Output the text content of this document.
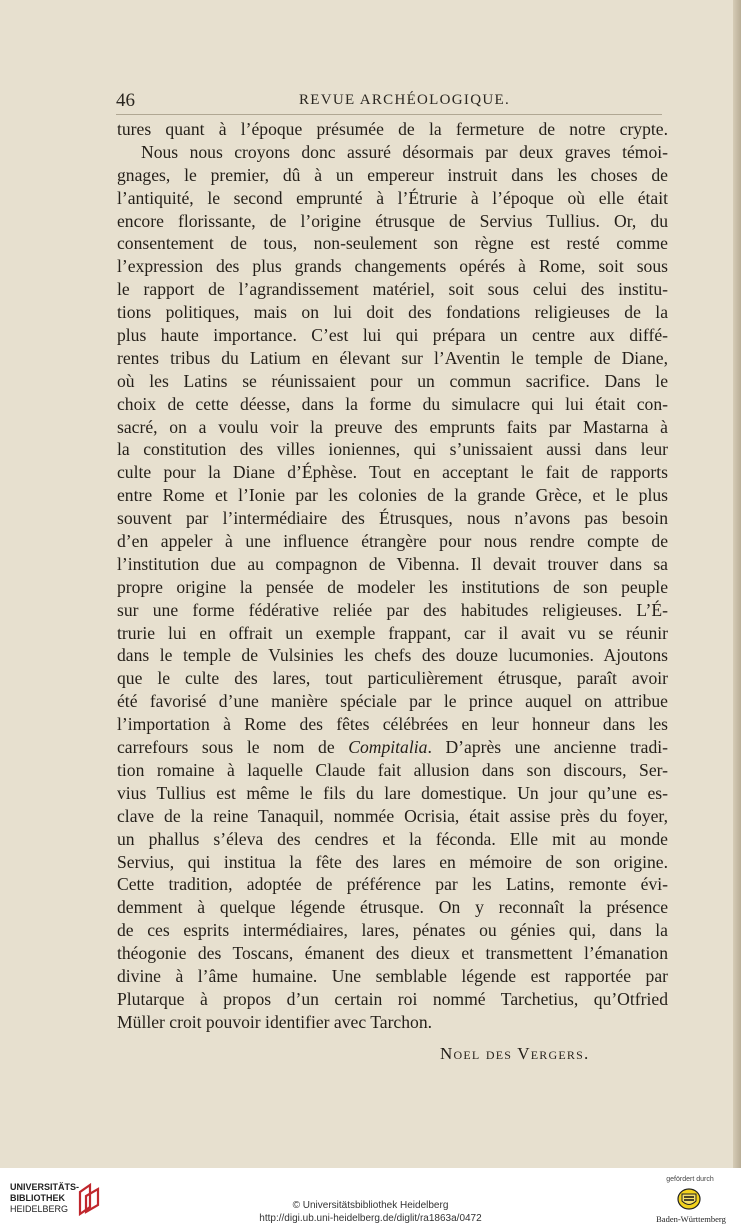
46	REVUE ARCHÉOLOGIQUE.
tures quant à l’époque présumée de la fermeture de notre crypte.
Nous nous croyons donc assuré désormais par deux graves témoi-
gnages, le premier, dû à un empereur instruit dans les choses de
l’antiquité, le second emprunté à l’Étrurie à l’époque où elle était
encore florissante, de l’origine étrusque de Servius Tullius. Or, du
consentement de tous, non-seulement son règne est resté comme
l’expression des plus grands changements opérés à Rome, soit sous
le rapport de l’agrandissement matériel, soit sous celui des institu-
tions politiques, mais on lui doit des fondations religieuses de la
plus haute importance. C’est lui qui prépara un centre aux diffé-
rentes tribus du Latium en élevant sur l’Aventin le temple de Diane,
où les Latins se réunissaient pour un commun sacrifice. Dans le
choix de cette déesse, dans la forme du simulacre qui lui était con-
sacré, on a voulu voir la preuve des emprunts faits par Mastarna à
la constitution des villes ioniennes, qui s’unissaient aussi dans leur
culte pour la Diane d’Éphèse. Tout en acceptant le fait de rapports
entre Rome et l’Ionie par les colonies de la grande Grèce, et le plus
souvent par l’intermédiaire des Étrusques, nous n’avons pas besoin
d’en appeler à une influence étrangère pour nous rendre compte de
l’institution due au compagnon de Vibenna. Il devait trouver dans sa
propre origine la pensée de modeler les institutions de son peuple
sur une forme fédérative reliée par des habitudes religieuses. L’É-
trurie lui en offrait un exemple frappant, car il avait vu se réunir
dans le temple de Vulsinies les chefs des douze lucumonies. Ajoutons
que le culte des lares, tout particulièrement étrusque, paraît avoir
été favorisé d’une manière spéciale par le prince auquel on attribue
l’importation à Rome des fêtes célébrées en leur honneur dans les
carrefours sous le nom de Compitalia. D’après une ancienne tradi-
tion romaine à laquelle Claude fait allusion dans son discours, Ser-
vius Tullius est même le fils du lare domestique. Un jour qu’une es-
clave de la reine Tanaquil, nommée Ocrisia, était assise près du foyer,
un phallus s’éleva des cendres et la féconda. Elle mit au monde
Servius, qui institua la fête des lares en mémoire de son origine.
Cette tradition, adoptée de préférence par les Latins, remonte évi-
demment à quelque légende étrusque. On y reconnaît la présence
de ces esprits intermédiaires, lares, pénates ou génies qui, dans la
théogonie des Toscans, émanent des dieux et transmettent l’émanation
divine à l’âme humaine. Une semblable légende est rapportée par
Plutarque à propos d’un certain roi nommé Tarchetius, qu’Otfried
Müller croit pouvoir identifier avec Tarchon.
Noel des Vergers.
UNIVERSITÄTS-
BIBLIOTHEK
HEIDELBERG	© Universitätsbibliothek Heidelberg
http://digi.ub.uni-heidelberg.de/diglit/ra1863a/0472
gefördert durch
Baden-Württemberg
